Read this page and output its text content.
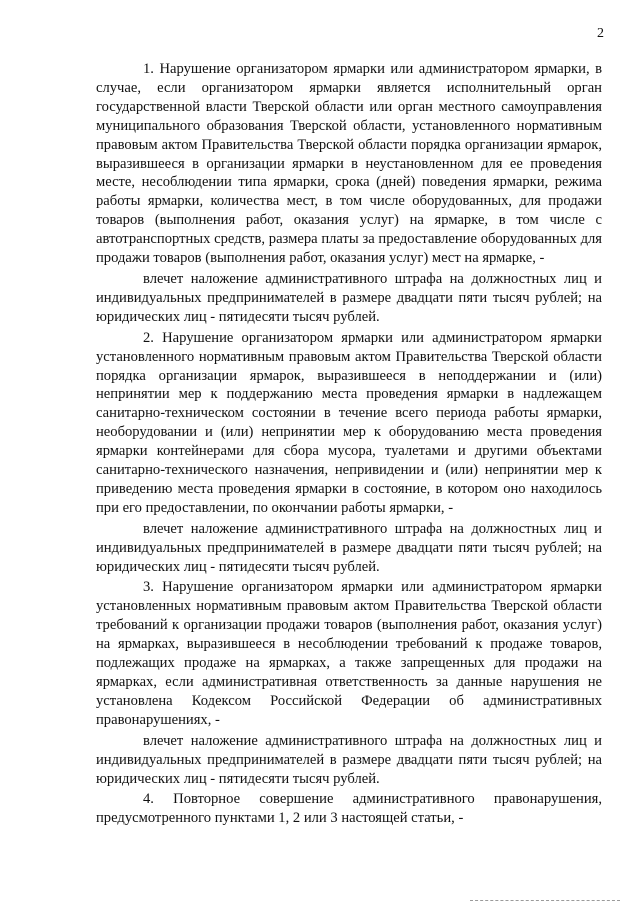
2

1. Нарушение организатором ярмарки или администратором ярмарки, в случае, если организатором ярмарки является исполнительный орган государственной власти Тверской области или орган местного самоуправления муниципального образования Тверской области, установленного нормативным правовым актом Правительства Тверской области порядка организации ярмарок, выразившееся в организации ярмарки в неустановленном для ее проведения месте, несоблюдении типа ярмарки, срока (дней) поведения ярмарки, режима работы ярмарки, количества мест, в том числе оборудованных, для продажи товаров (выполнения работ, оказания услуг) на ярмарке, в том числе с автотранспортных средств, размера платы за предоставление оборудованных для продажи товаров (выполнения работ, оказания услуг) мест на ярмарке, -

влечет наложение административного штрафа на должностных лиц и индивидуальных предпринимателей в размере двадцати пяти тысяч рублей; на юридических лиц - пятидесяти тысяч рублей.

2. Нарушение организатором ярмарки или администратором ярмарки установленного нормативным правовым актом Правительства Тверской области порядка организации ярмарок, выразившееся в неподдержании и (или) непринятии мер к поддержанию места проведения ярмарки в надлежащем санитарно-техническом состоянии в течение всего периода работы ярмарки, необорудовании и (или) непринятии мер к оборудованию места проведения ярмарки контейнерами для сбора мусора, туалетами и другими объектами санитарно-технического назначения, непривидении и (или) непринятии мер к приведению места проведения ярмарки в состояние, в котором оно находилось при его предоставлении, по окончании работы ярмарки, -

влечет наложение административного штрафа на должностных лиц и индивидуальных предпринимателей в размере двадцати пяти тысяч рублей; на юридических лиц - пятидесяти тысяч рублей.

3. Нарушение организатором ярмарки или администратором ярмарки установленных нормативным правовым актом Правительства Тверской области требований к организации продажи товаров (выполнения работ, оказания услуг) на ярмарках, выразившееся в несоблюдении требований к продаже товаров, подлежащих продаже на ярмарках, а также запрещенных для продажи на ярмарках, если административная ответственность за данные нарушения не установлена Кодексом Российской Федерации об административных правонарушениях, -

влечет наложение административного штрафа на должностных лиц и индивидуальных предпринимателей в размере двадцати пяти тысяч рублей; на юридических лиц - пятидесяти тысяч рублей.

4. Повторное совершение административного правонарушения, предусмотренного пунктами 1, 2 или 3 настоящей статьи, -
